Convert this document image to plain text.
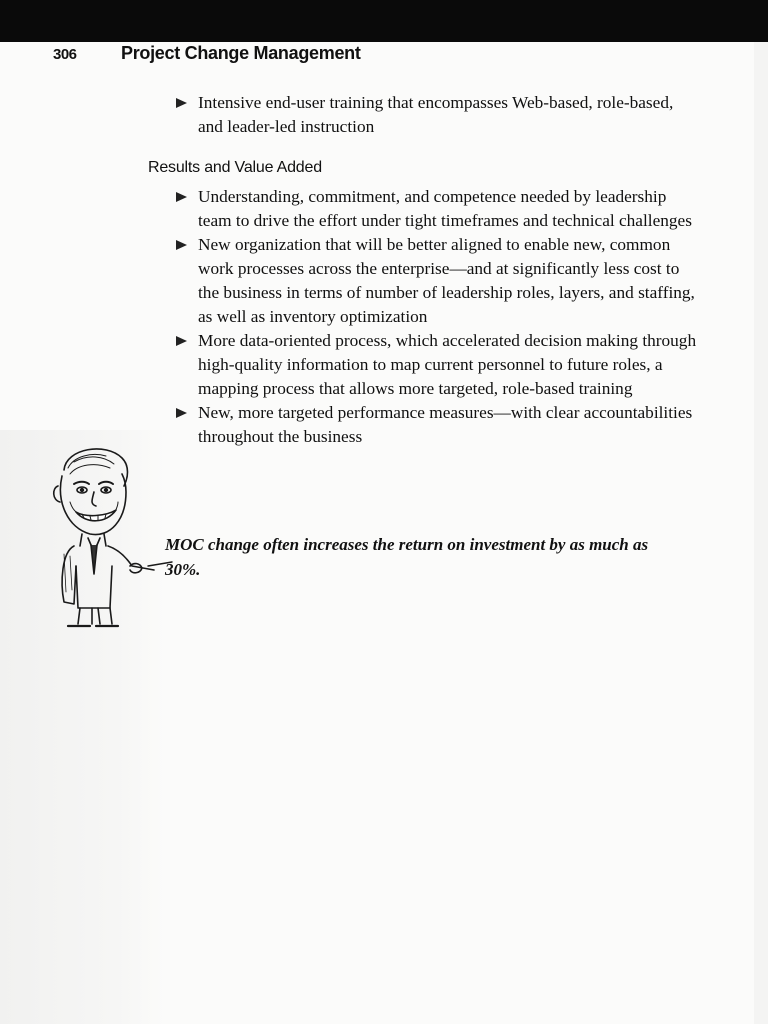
306 Project Change Management
Intensive end-user training that encompasses Web-based, role-based, and leader-led instruction
Results and Value Added
Understanding, commitment, and competence needed by leadership team to drive the effort under tight timeframes and technical challenges
New organization that will be better aligned to enable new, common work processes across the enterprise—and at significantly less cost to the business in terms of number of leadership roles, layers, and staffing, as well as inventory optimization
More data-oriented process, which accelerated decision making through high-quality information to map current personnel to future roles, a mapping process that allows more targeted, role-based training
New, more targeted performance measures—with clear accountabilities throughout the business
MOC change often increases the return on investment by as much as 30%.
